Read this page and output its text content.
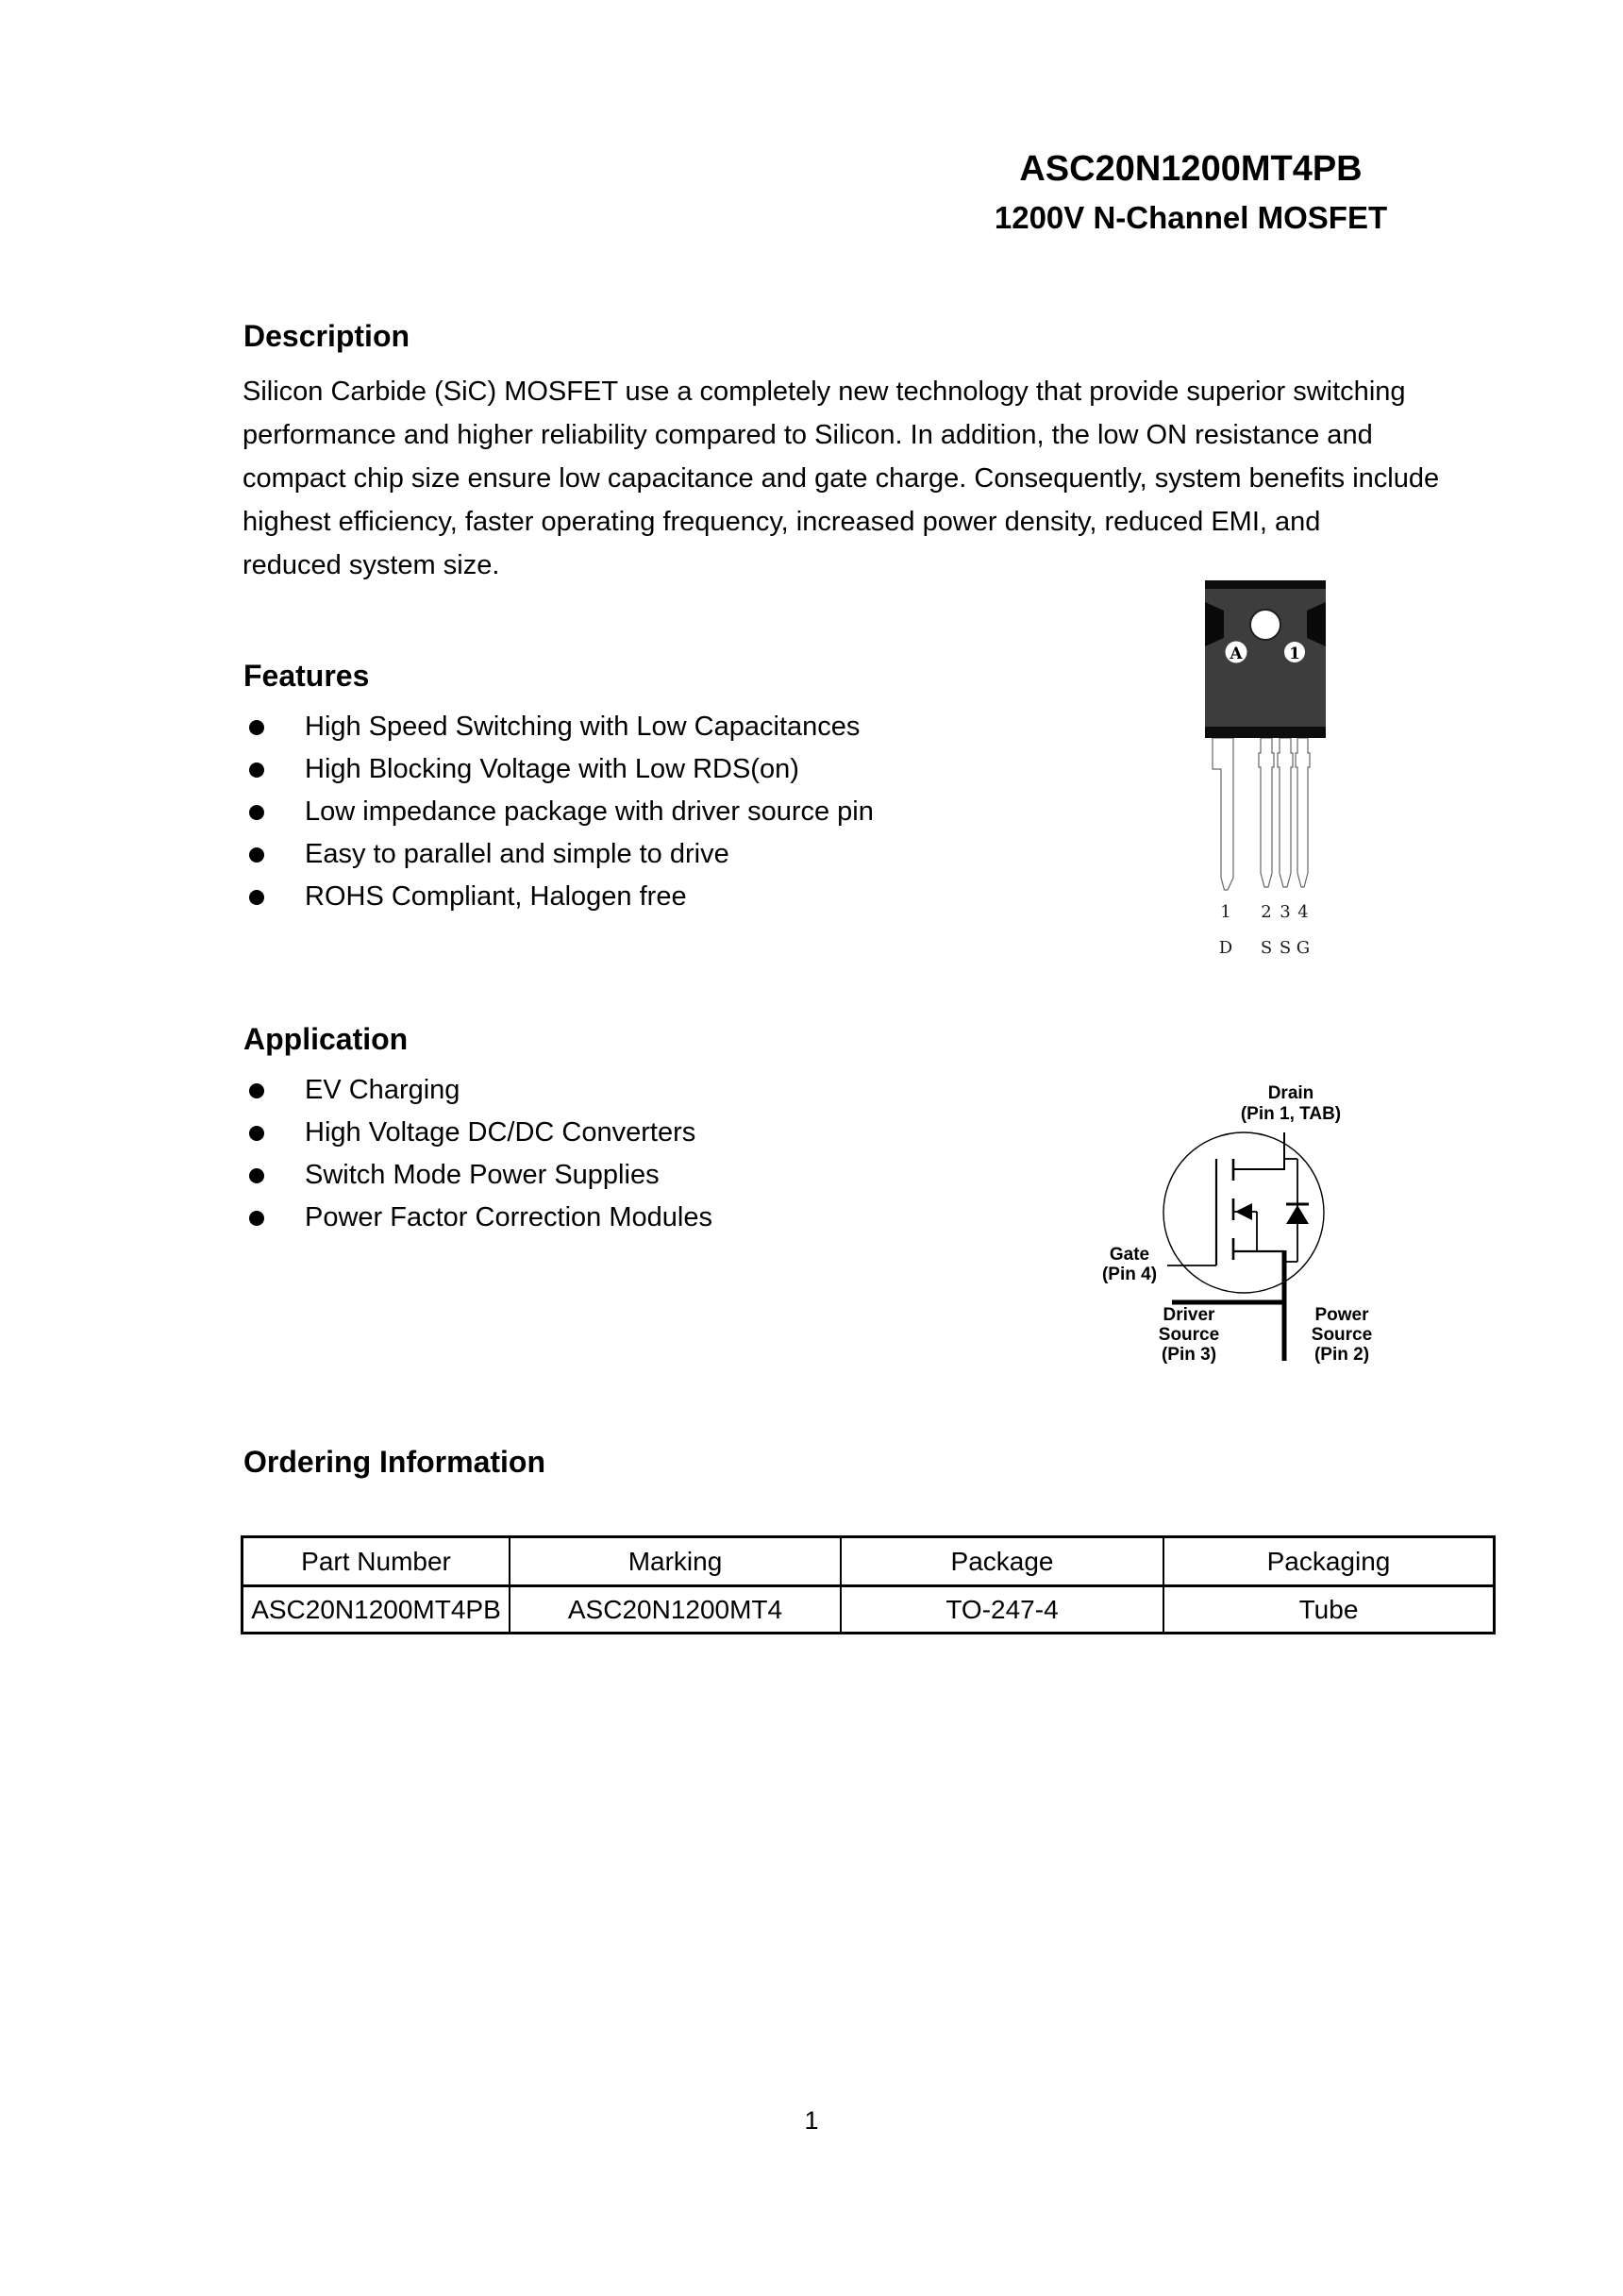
ASC20N1200MT4PB
1200V N-Channel MOSFET
Description
Silicon Carbide (SiC) MOSFET use a completely new technology that provide superior switching
performance and higher reliability compared to Silicon. In addition, the low ON resistance and
compact chip size ensure low capacitance and gate charge. Consequently, system benefits include
highest efficiency, faster operating frequency, increased power density, reduced EMI, and
reduced system size.
Features
High Speed Switching with Low Capacitances
High Blocking Voltage with Low RDS(on)
Low impedance package with driver source pin
Easy to parallel and simple to drive
ROHS Compliant, Halogen free
A	1
1 2 3 4
D S S G
Application
EV Charging
High Voltage DC/DC Converters
Switch Mode Power Supplies
Power Factor Correction Modules
Drain
(Pin 1, TAB)
Gate
(Pin 4)
Driver
Source
(Pin 3)
Power
Source
(Pin 2)
Ordering Information
Part Number	Marking	Package	Packaging
ASC20N1200MT4PB	ASC20N1200MT4	TO-247-4	Tube
1
